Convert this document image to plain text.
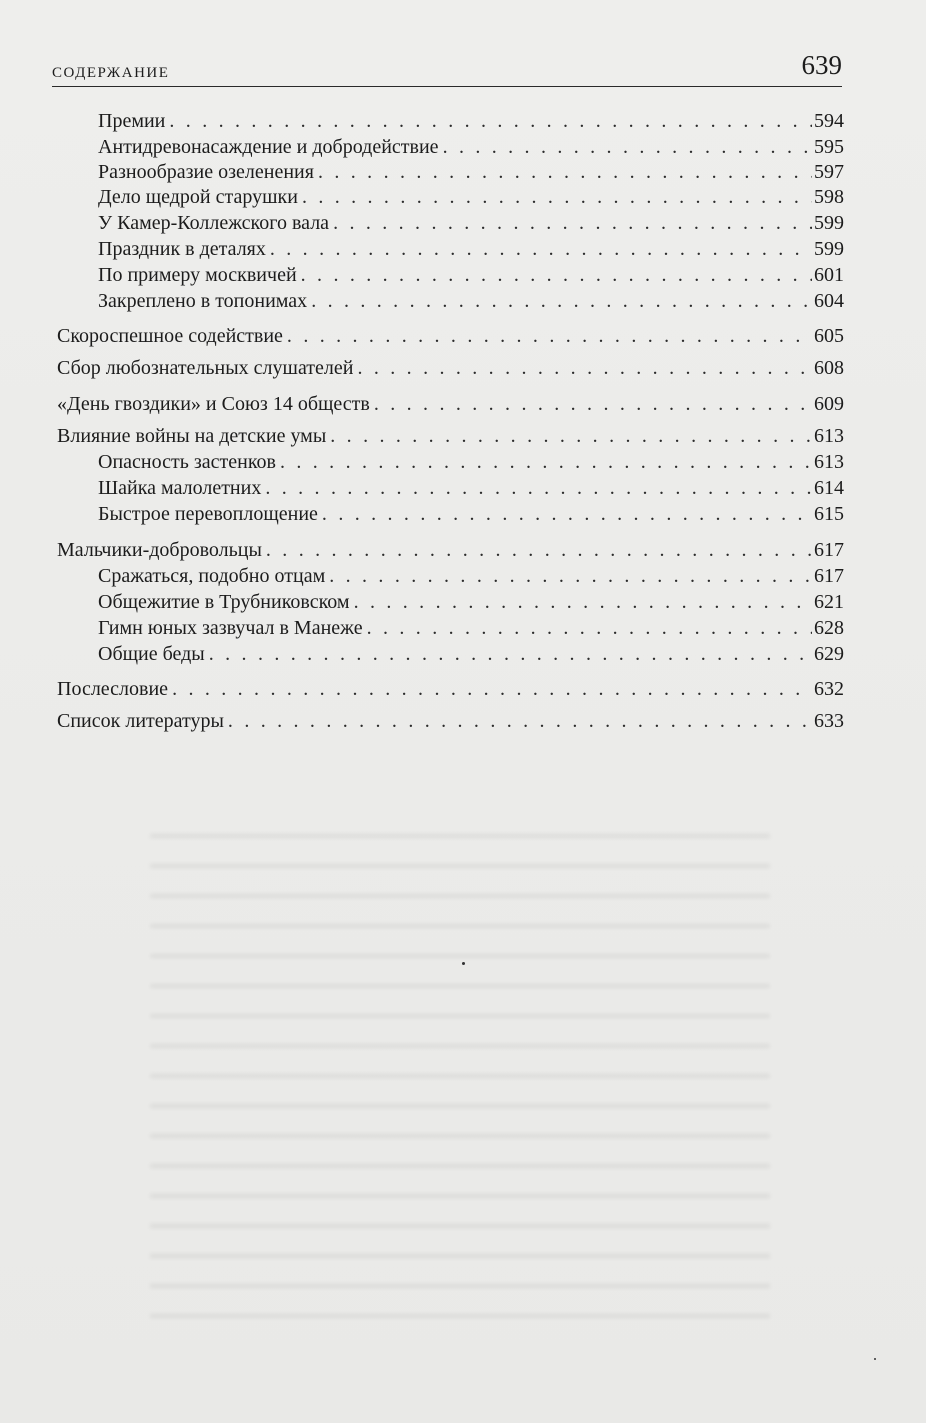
содержание	639
Премии . . .	594
Антидревонасаждение и добродействие . . .	595
Разнообразие озеленения . . .	597
Дело щедрой старушки . . .	598
У Камер-Коллежского вала . . .	599
Праздник в деталях . . .	599
По примеру москвичей . . .	601
Закреплено в топонимах . . .	604
Скороспешное содействие . . .	605
Сбор любознательных слушателей . . .	608
«День гвоздики» и Союз 14 обществ . . .	609
Влияние войны на детские умы . . .	613
Опасность застенков . . .	613
Шайка малолетних . . .	614
Быстрое перевоплощение . . .	615
Мальчики-добровольцы . . .	617
Сражаться, подобно отцам . . .	617
Общежитие в Трубниковском . . .	621
Гимн юных зазвучал в Манеже . . .	628
Общие беды . . .	629
Послесловие . . .	632
Список литературы . . .	633
